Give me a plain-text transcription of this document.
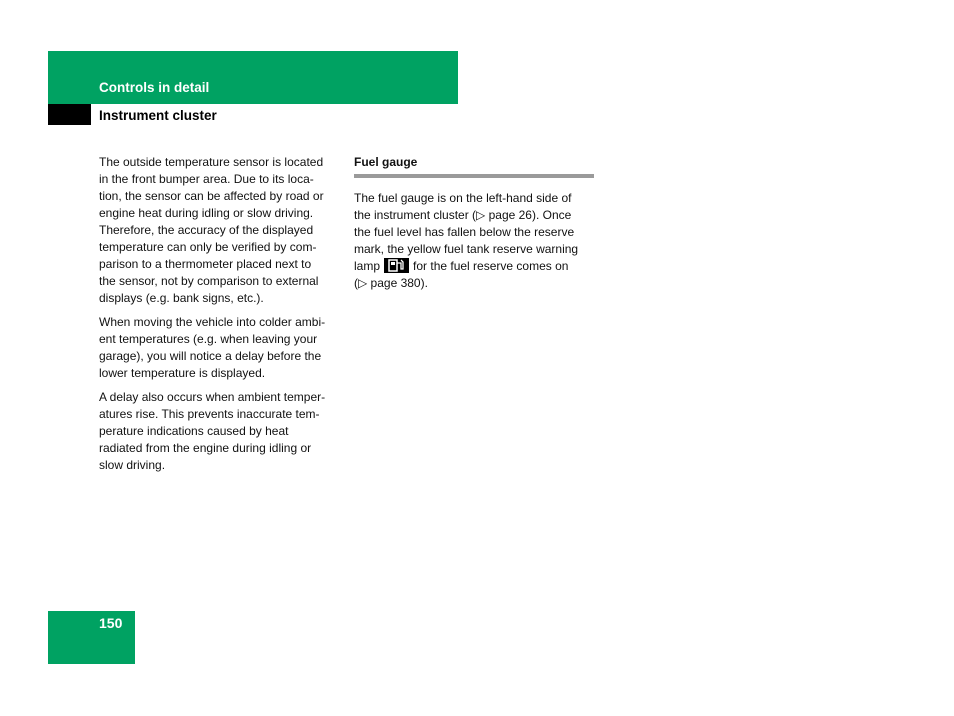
Controls in detail
Instrument cluster

The outside temperature sensor is located
in the front bumper area. Due to its loca-
tion, the sensor can be affected by road or
engine heat during idling or slow driving.
Therefore, the accuracy of the displayed
temperature can only be verified by com-
parison to a thermometer placed next to
the sensor, not by comparison to external
displays (e.g. bank signs, etc.).

When moving the vehicle into colder ambi-
ent temperatures (e.g. when leaving your
garage), you will notice a delay before the
lower temperature is displayed.

A delay also occurs when ambient temper-
atures rise. This prevents inaccurate tem-
perature indications caused by heat
radiated from the engine during idling or
slow driving.

Fuel gauge

The fuel gauge is on the left-hand side of
the instrument cluster (▷ page 26). Once
the fuel level has fallen below the reserve
mark, the yellow fuel tank reserve warning
lamp	for the fuel reserve comes on
(▷ page 380).

150
